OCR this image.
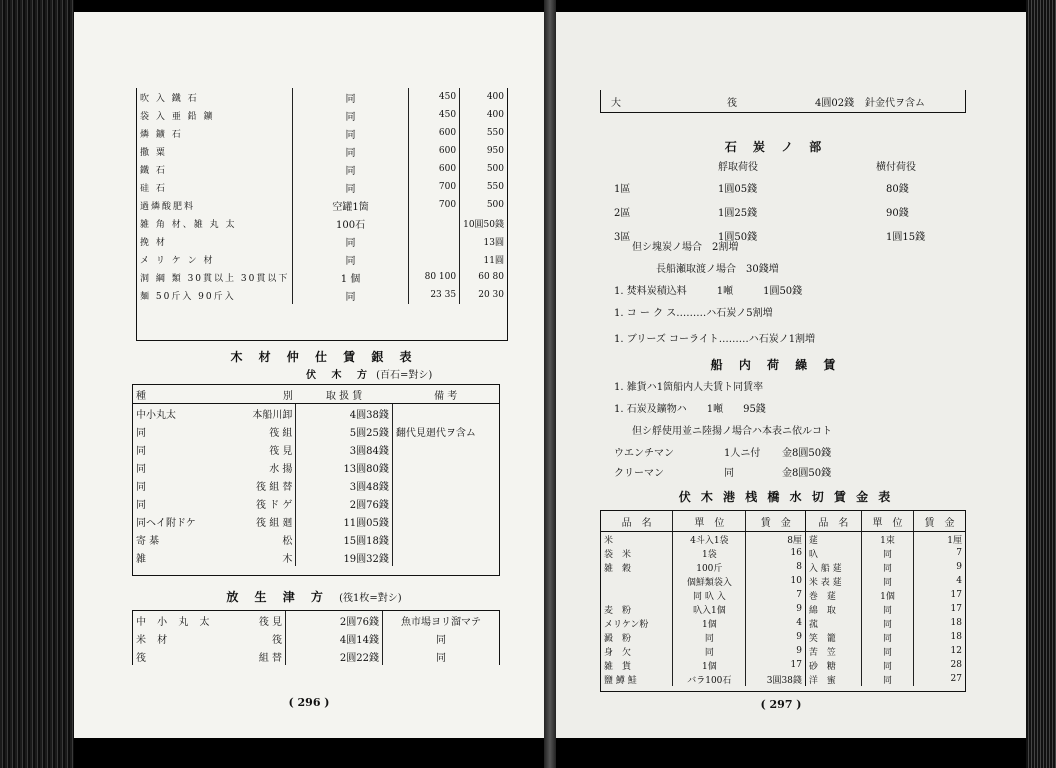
吹 入 鐵 石	同	450	400
袋 入 亜 鉛 鑛	同	450	400
燐 鑛 石	同	600	550
撒 粟	同	600	950
鐵 石	同	600	500
硅 石	同	700	550
過燐酸肥料	空罐1箇	700	500
雑 角 材、雑 丸 太	100石		10圓50錢
挽 材	同		13圓
メ リ ケ ン 材	同		11圓
洞 綱 類 30貫以上 30貫以下	1 個	80 100	60 80
麺 50斤入 90斤入	同	23 35	20 30
木 材 仲 仕 賃 銀 表
伏 木 方 (百石=對シ)
種	別	取 扱 賃	備 考
中小丸太	本船川卸	4圓38錢	
同	筏 組	5圓25錢	翻代見廻代ヲ含ム
同	筏 見	3圓84錢	
同	水 揚	13圓80錢	
同	筏 組 替	3圓48錢	
同	筏 ド ゲ	2圓76錢	
同ヘイ附ドケ	筏 組 廻	11圓05錢	
寄 棊	松	15圓18錢	
雑	木	19圓32錢	
放 生 津 方 (筏1枚=對シ)
中 小 丸 太	筏 見	2圓76錢	魚市場ヨリ溜マテ
米 材	筏	4圓14錢	同
筏	組 替	2圓22錢	同
( 296 )
大	筏	4圓02錢 針金代ヲ含ム
石 炭 ノ 部
艀取荷役	横付荷役
1區	1圓05錢	80錢
2區	1圓25錢	90錢
3區	1圓50錢	1圓15錢
但シ塊炭ノ場合　2割増
長船瀬取渡ノ場合　30錢増
1. 焚料炭積込料　　　1噸　　　1圓50錢
1. コ ー ク ス………ハ石炭ノ5割増
1. ブリーズ コーライト………ハ石炭ノ1割増
船 内 荷 繰 賃
1. 雑貨ハ1箇船内人夫賃ト同賃率
1. 石炭及鑛物ハ　　1噸　　95錢
但シ艀使用並ニ陸揚ノ場合ハ本表ニ依ルコト
ウエンチマン	1人ニ付 金8圓50錢
クリーマン	同	金8圓50錢
伏 木 港 桟 橋 水 切 賃 金 表
品　名	單　位	賃　金	品　名	單　位	賃　金
米	4斗入1袋	8厘	莚	1束	1厘
袋　米	1袋	16	叺	同	7
雑　穀	100斤	8	入 船 莚	同	9
	個鮮類袋入	10	米 表 莚	同	4
	同 叺 入	7	巻　莚	1個	17
麦　粉	叺入1個	9	綿　取	同	17
メリケン粉	1個	4	菰	同	18
澱　粉	同	9	笑　籠	同	18
身　欠	同	9	苦　笠	同	12
雑　貨	1個	17	砂　糖	同	28
鹽 鱒 鮭	バラ100石	3圓38錢	洋　蜜	同	27
( 297 )
